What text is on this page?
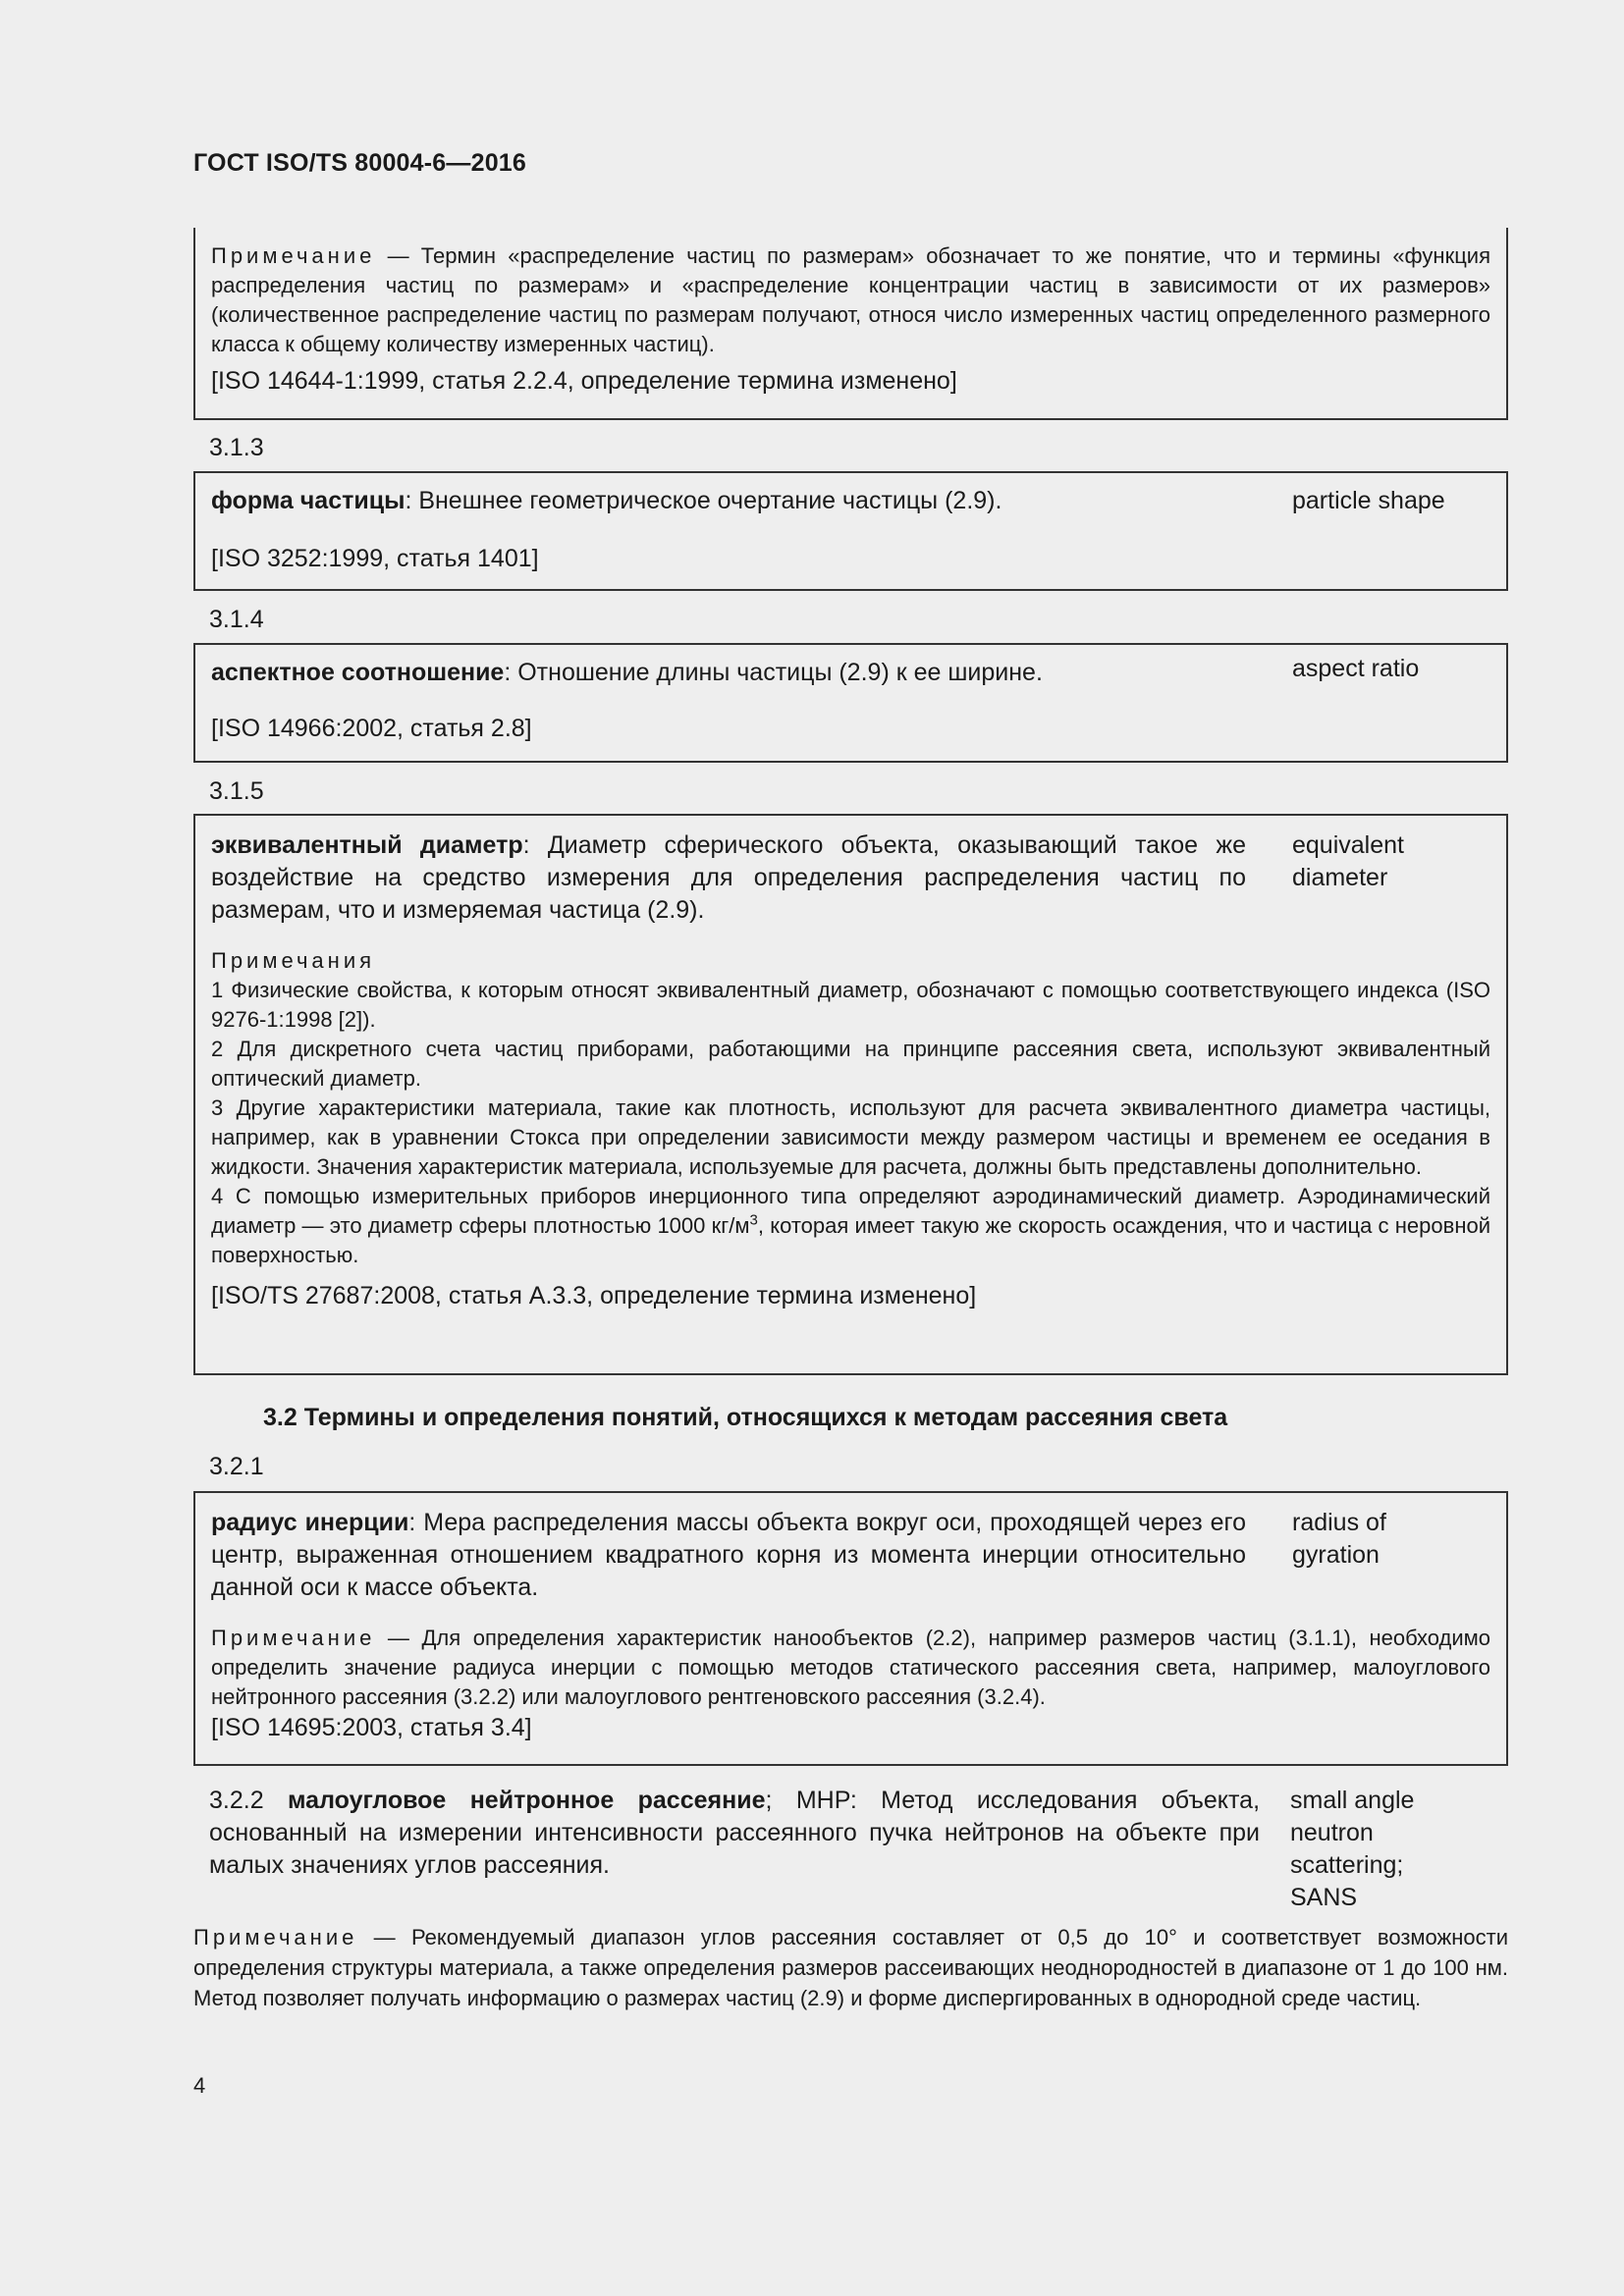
ГОСТ ISO/TS 80004-6—2016
Примечание — Термин «распределение частиц по размерам» обозначает то же понятие, что и термины «функция распределения частиц по размерам» и «распределение концентрации частиц в зависимости от их размеров» (количественное распределение частиц по размерам получают, относя число измеренных частиц определенного размерного класса к общему количеству измеренных частиц).
[ISO 14644-1:1999, статья 2.2.4, определение термина изменено]
3.1.3
форма частицы: Внешнее геометрическое очертание частицы (2.9).	particle shape
[ISO 3252:1999, статья 1401]
3.1.4
аспектное соотношение: Отношение длины частицы (2.9) к ее ширине.	aspect ratio
[ISO 14966:2002, статья 2.8]
3.1.5
эквивалентный диаметр: Диаметр сферического объекта, оказывающий такое же воздействие на средство измерения для определения распределения частиц по размерам, что и измеряемая частица (2.9).
equivalent diameter
Примечания
1 Физические свойства, к которым относят эквивалентный диаметр, обозначают с помощью соответствующего индекса (ISO 9276-1:1998 [2]).
2 Для дискретного счета частиц приборами, работающими на принципе рассеяния света, используют эквивалентный оптический диаметр.
3 Другие характеристики материала, такие как плотность, используют для расчета эквивалентного диаметра частицы, например, как в уравнении Стокса при определении зависимости между размером частицы и временем ее оседания в жидкости. Значения характеристик материала, используемые для расчета, должны быть представлены дополнительно.
4 С помощью измерительных приборов инерционного типа определяют аэродинамический диаметр. Аэродинамический диаметр — это диаметр сферы плотностью 1000 $кг/м^3$, которая имеет такую же скорость осаждения, что и частица с неровной поверхностью.
[ISO/TS 27687:2008, статья А.3.3, определение термина изменено]
3.2 Термины и определения понятий, относящихся к методам рассеяния света
3.2.1
радиус инерции: Мера распределения массы объекта вокруг оси, проходящей через его центр, выраженная отношением квадратного корня из момента инерции относительно данной оси к массе объекта.
radius of gyration
Примечание — Для определения характеристик нанообъектов (2.2), например размеров частиц (3.1.1), необходимо определить значение радиуса инерции с помощью методов статического рассеяния света, например, малоуглового нейтронного рассеяния (3.2.2) или малоуглового рентгеновского рассеяния (3.2.4).
[ISO 14695:2003, статья 3.4]
3.2.2 малоугловое нейтронное рассеяние; МНР: Метод исследования объекта, основанный на измерении интенсивности рассеянного пучка нейтронов на объекте при малых значениях углов рассеяния.
small angle
neutron
scattering;
SANS
Примечание — Рекомендуемый диапазон углов рассеяния составляет от 0,5 до 10° и соответствует возможности определения структуры материала, а также определения размеров рассеивающих неоднородностей в диапазоне от 1 до 100 нм. Метод позволяет получать информацию о размерах частиц (2.9) и форме диспергированных в однородной среде частиц.
4
